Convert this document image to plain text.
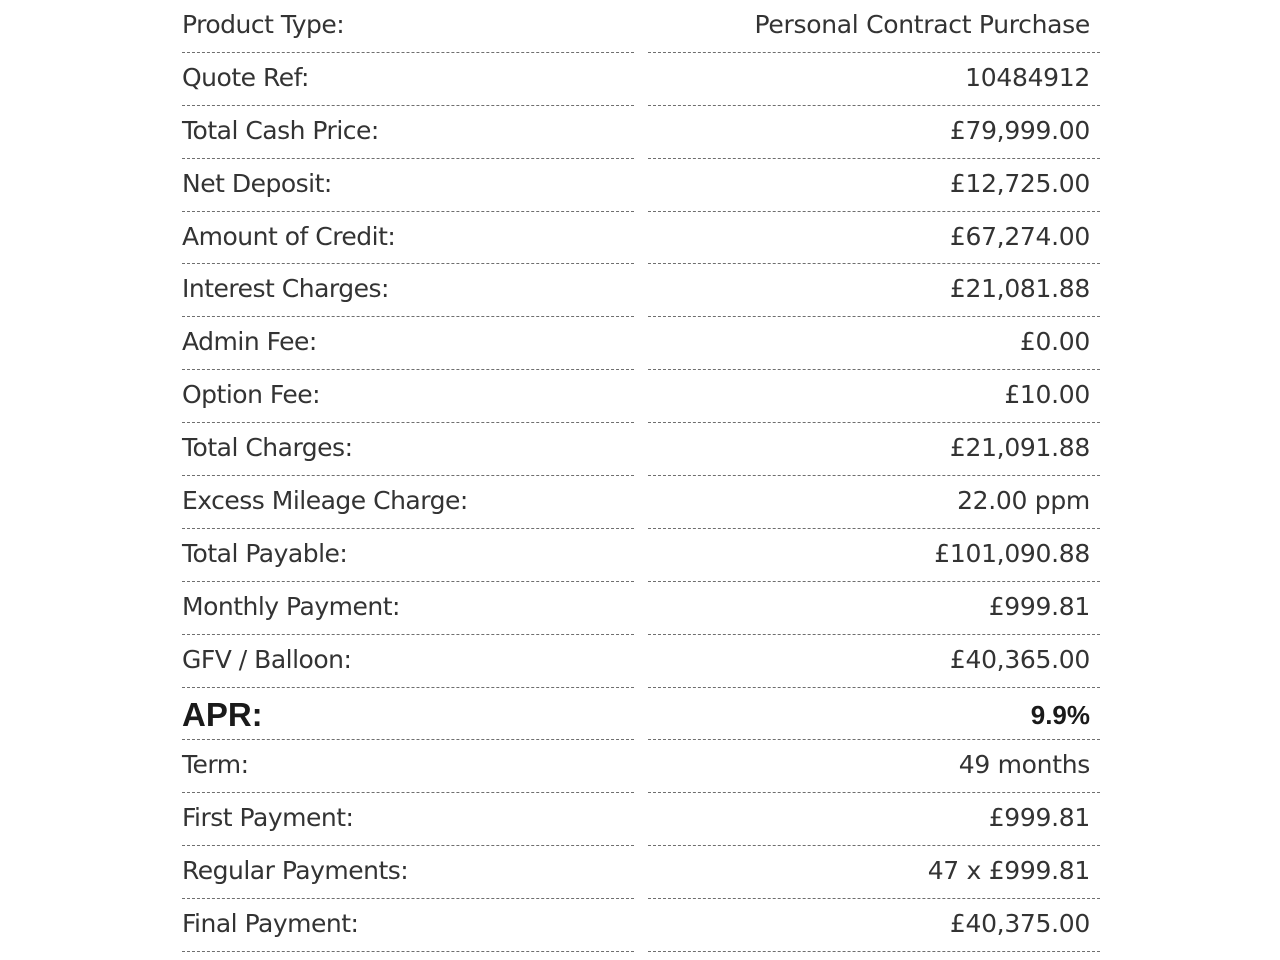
Product Type:	Personal Contract Purchase
Quote Ref:	10484912
Total Cash Price:	£79,999.00
Net Deposit:	£12,725.00
Amount of Credit:	£67,274.00
Interest Charges:	£21,081.88
Admin Fee:	£0.00
Option Fee:	£10.00
Total Charges:	£21,091.88
Excess Mileage Charge:	22.00 ppm
Total Payable:	£101,090.88
Monthly Payment:	£999.81
GFV / Balloon:	£40,365.00
APR:	9.9%
Term:	49 months
First Payment:	£999.81
Regular Payments:	47 x £999.81
Final Payment:	£40,375.00
